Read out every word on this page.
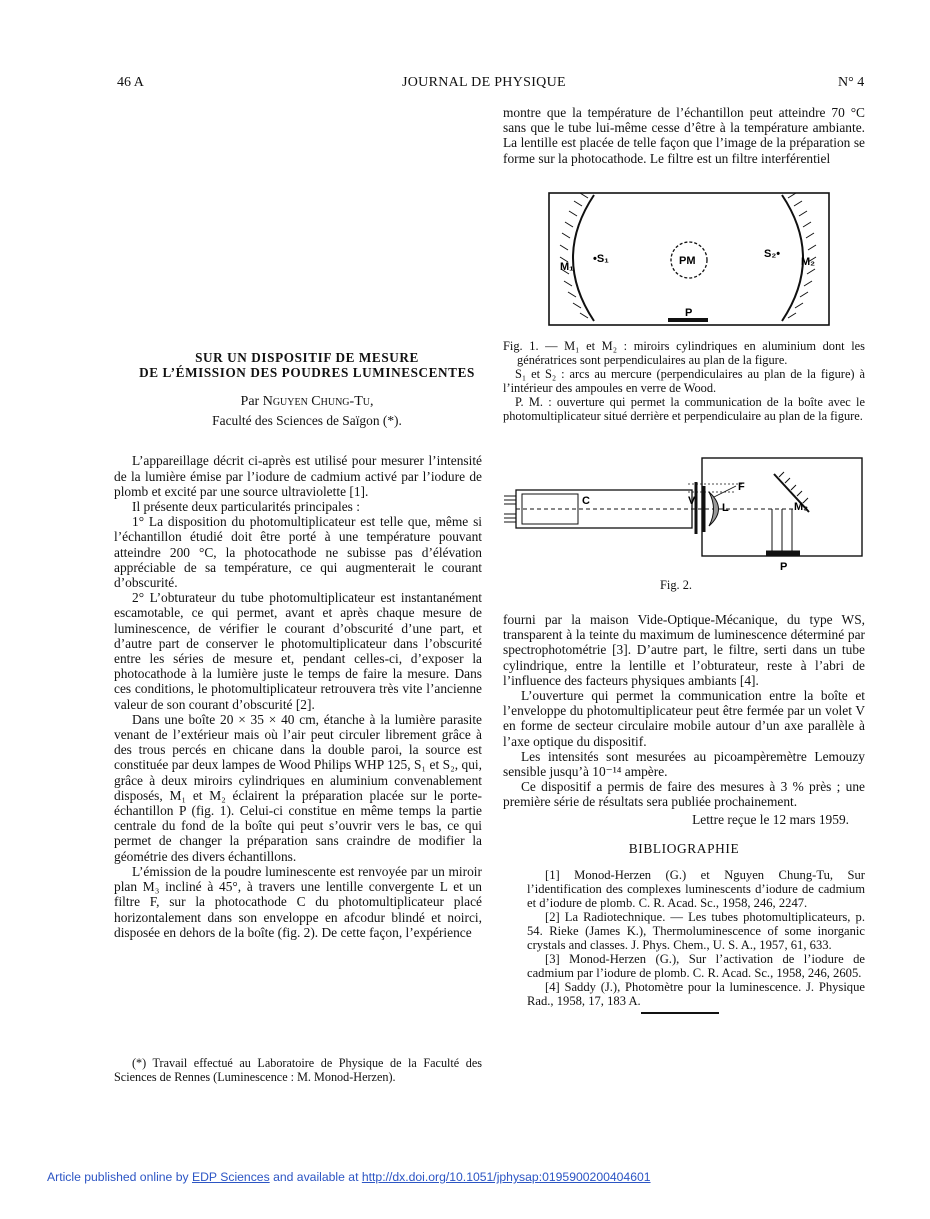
46 A	JOURNAL DE PHYSIQUE	N° 4

SUR UN DISPOSITIF DE MESURE

DE L’ÉMISSION DES POUDRES LUMINESCENTES

Par Nguyen Chung-Tu,

Faculté des Sciences de Saïgon (*).

L’appareillage décrit ci-après est utilisé pour mesurer l’intensité de la lumière émise par l’iodure de cadmium activé par l’iodure de plomb et excité par une source ultraviolette [1].

Il présente deux particularités principales :

1° La disposition du photomultiplicateur est telle que, même si l’échantillon étudié doit être porté à une température pouvant atteindre 200 °C, la photocathode ne subisse pas d’élévation appréciable de sa température, ce qui augmenterait le courant d’obscurité.

2° L’obturateur du tube photomultiplicateur est instantanément escamotable, ce qui permet, avant et après chaque mesure de luminescence, de vérifier le courant d’obscurité d’une part, et d’autre part de conserver le photomultiplicateur dans l’obscurité entre les séries de mesure et, pendant celles-ci, d’exposer la photocathode à la lumière juste le temps de faire la mesure. Dans ces conditions, le photomultiplicateur retrouvera très vite l’ancienne valeur de son courant d’obscurité [2].

Dans une boîte 20 × 35 × 40 cm, étanche à la lumière parasite venant de l’extérieur mais où l’air peut circuler librement grâce à des trous percés en chicane dans la double paroi, la source est constituée par deux lampes de Wood Philips WHP 125, S₁ et S₂, qui, grâce à deux miroirs cylindriques en aluminium convenablement disposés, M₁ et M₂ éclairent la préparation placée sur le porte-échantillon P (fig. 1). Celui-ci constitue en même temps la partie centrale du fond de la boîte qui peut s’ouvrir vers le bas, ce qui permet de changer la préparation sans craindre de modifier la géométrie des divers échantillons.

L’émission de la poudre luminescente est renvoyée par un miroir plan M₃ incliné à 45°, à travers une lentille convergente L et un filtre F, sur la photocathode C du photomultiplicateur placé horizontalement dans son enveloppe en afcodur blindé et noirci, disposée en dehors de la boîte (fig. 2). De cette façon, l’expérience

(*) Travail effectué au Laboratoire de Physique de la Faculté des Sciences de Rennes (Luminescence : M. Monod-Herzen).

montre que la température de l’échantillon peut atteindre 70 °C sans que le tube lui-même cesse d’être à la température ambiante. La lentille est placée de telle façon que l’image de la préparation se forme sur la photocathode. Le filtre est un filtre interférentiel

M₁
•S₁	PM
S₂•
M₂
P

Fig. 1. — M₁ et M₂ : miroirs cylindriques en aluminium dont les génératrices sont perpendiculaires au plan de la figure.

S₁ et S₂ : arcs au mercure (perpendiculaires au plan de la figure) à l’intérieur des ampoules en verre de Wood.

P. M. : ouverture qui permet la communication de la boîte avec le photomultiplicateur situé derrière et perpendiculaire au plan de la figure.

C	V
L
F
M₃
P
Fig. 2.

fourni par la maison Vide-Optique-Mécanique, du type WS, transparent à la teinte du maximum de luminescence déterminé par spectrophotométrie [3]. D’autre part, le filtre, serti dans un tube cylindrique, entre la lentille et l’obturateur, reste à l’abri de l’influence des facteurs physiques ambiants [4].

L’ouverture qui permet la communication entre la boîte et l’enveloppe du photomultiplicateur peut être fermée par un volet V en forme de secteur circulaire mobile autour d’un axe parallèle à l’axe optique du dispositif.

Les intensités sont mesurées au picoampèremètre Lemouzy sensible jusqu’à 10⁻¹⁴ ampère.

Ce dispositif a permis de faire des mesures à 3 % près ; une première série de résultats sera publiée prochainement.

Lettre reçue le 12 mars 1959.

BIBLIOGRAPHIE

[1] Monod-Herzen (G.) et Nguyen Chung-Tu, Sur l’identification des complexes luminescents d’iodure de cadmium et d’iodure de plomb. C. R. Acad. Sc., 1958, 246, 2247.

[2] La Radiotechnique. — Les tubes photomultiplicateurs, p. 54. Rieke (James K.), Thermoluminescence of some inorganic crystals and classes. J. Phys. Chem., U. S. A., 1957, 61, 633.

[3] Monod-Herzen (G.), Sur l’activation de l’iodure de cadmium par l’iodure de plomb. C. R. Acad. Sc., 1958, 246, 2605.

[4] Saddy (J.), Photomètre pour la luminescence. J. Physique Rad., 1958, 17, 183 A.

Article published online by EDP Sciences and available at http://dx.doi.org/10.1051/jphysap:0195900200404601
